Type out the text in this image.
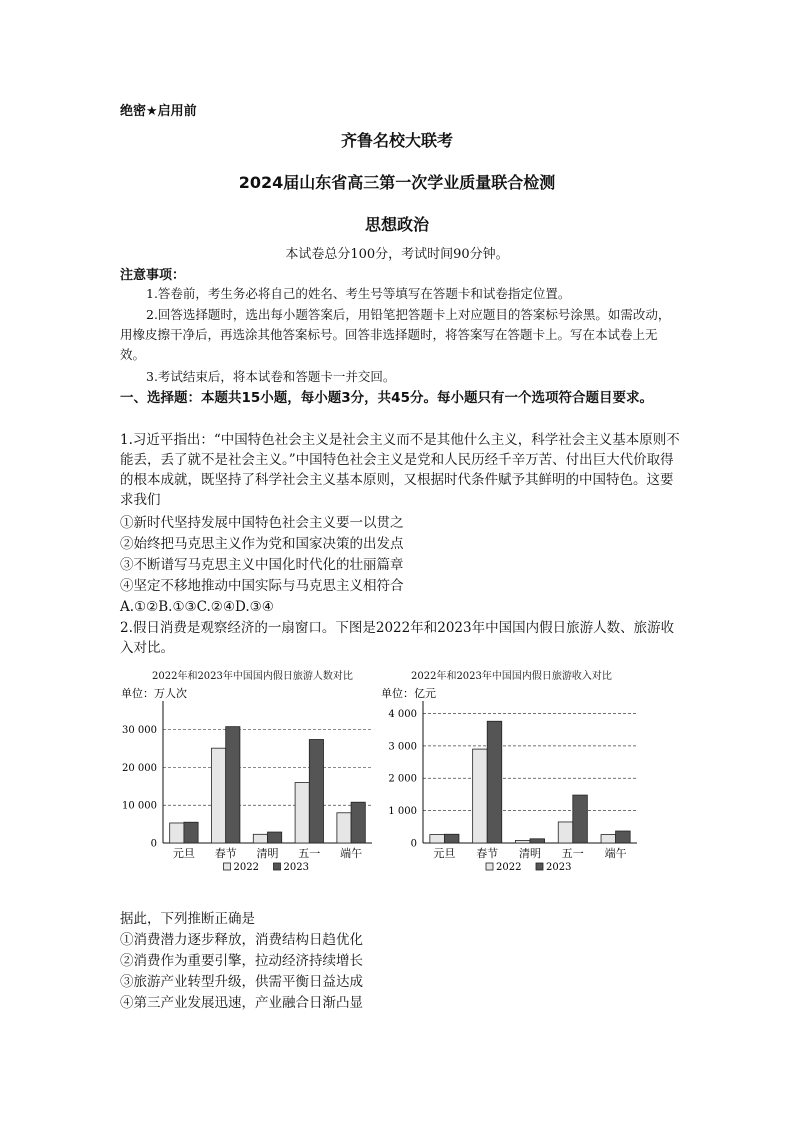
绝密★启用前
齐鲁名校大联考
2024届山东省高三第一次学业质量联合检测
思想政治
本试卷总分100分，考试时间90分钟。
注意事项：
1.答卷前，考生务必将自己的姓名、考生号等填写在答题卡和试卷指定位置。
2.回答选择题时，选出每小题答案后，用铅笔把答题卡上对应题目的答案标号涂黑。如需改动，用橡皮擦干净后，再选涂其他答案标号。回答非选择题时，将答案写在答题卡上。写在本试卷上无效。
3.考试结束后，将本试卷和答题卡一并交回。
一、选择题：本题共15小题，每小题3分，共45分。每小题只有一个选项符合题目要求。
1.习近平指出：“中国特色社会主义是社会主义而不是其他什么主义，科学社会主义基本原则不能丢，丢了就不是社会主义。”中国特色社会主义是党和人民历经千辛万苦、付出巨大代价取得的根本成就，既坚持了科学社会主义基本原则，又根据时代条件赋予其鲜明的中国特色。这要求我们
①新时代坚持发展中国特色社会主义要一以贯之
②始终把马克思主义作为党和国家决策的出发点
③不断谱写马克思主义中国化时代化的壮丽篇章
④坚定不移地推动中国实际与马克思主义相符合
A.①②B.①③C.②④D.③④
2.假日消费是观察经济的一扇窗口。下图是2022年和2023年中国国内假日旅游人数、旅游收入对比。
2022年和2023年中国国内假日旅游人数对比	2022年和2023年中国国内假日旅游收入对比
单位：万人次
0
10 000
20 000
30 000
元旦 春节 清明 五一 端午
2022 2023
单位：亿元
0
1 000
2 000
3 000
4 000
元旦 春节 清明 五一 端午
2022 2023
据此，下列推断正确是
①消费潜力逐步释放，消费结构日趋优化
②消费作为重要引擎，拉动经济持续增长
③旅游产业转型升级，供需平衡日益达成
④第三产业发展迅速，产业融合日渐凸显
